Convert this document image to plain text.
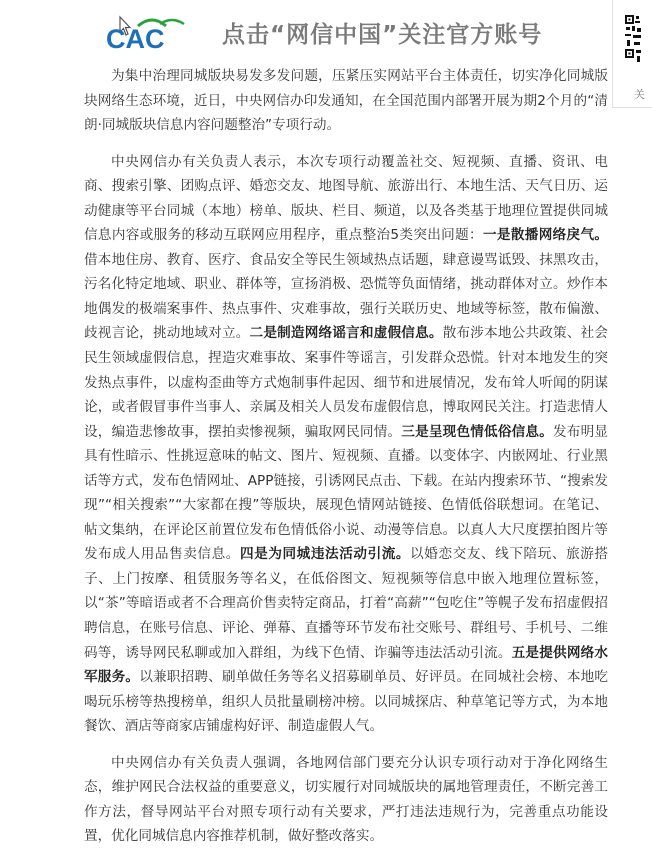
CAC	点击“网信中国”关注官方账号
关

为集中治理同城版块易发多发问题，压紧压实网站平台主体责任，切实净化同城版块网络生态环境，近日，中央网信办印发通知，在全国范围内部署开展为期2个月的“清朗·同城版块信息内容问题整治”专项行动。

中央网信办有关负责人表示，本次专项行动覆盖社交、短视频、直播、资讯、电商、搜索引擎、团购点评、婚恋交友、地图导航、旅游出行、本地生活、天气日历、运动健康等平台同城（本地）榜单、版块、栏目、频道，以及各类基于地理位置提供同城信息内容或服务的移动互联网应用程序，重点整治5类突出问题：一是散播网络戾气。借本地住房、教育、医疗、食品安全等民生领域热点话题，肆意谩骂诋毁、抹黑攻击，污名化特定地域、职业、群体等，宣扬消极、恐慌等负面情绪，挑动群体对立。炒作本地偶发的极端案事件、热点事件、灾难事故，强行关联历史、地域等标签，散布偏激、歧视言论，挑动地域对立。二是制造网络谣言和虚假信息。散布涉本地公共政策、社会民生领域虚假信息，捏造灾难事故、案事件等谣言，引发群众恐慌。针对本地发生的突发热点事件，以虚构歪曲等方式炮制事件起因、细节和进展情况，发布耸人听闻的阴谋论，或者假冒事件当事人、亲属及相关人员发布虚假信息，博取网民关注。打造悲情人设，编造悲惨故事，摆拍卖惨视频，骗取网民同情。三是呈现色情低俗信息。发布明显具有性暗示、性挑逗意味的帖文、图片、短视频、直播。以变体字、内嵌网址、行业黑话等方式，发布色情网址、APP链接，引诱网民点击、下载。在站内搜索环节、“搜索发现”“相关搜索”“大家都在搜”等版块，展现色情网站链接、色情低俗联想词。在笔记、帖文集纳，在评论区前置位发布色情低俗小说、动漫等信息。以真人大尺度摆拍图片等发布成人用品售卖信息。四是为同城违法活动引流。以婚恋交友、线下陪玩、旅游搭子、上门按摩、租赁服务等名义，在低俗图文、短视频等信息中嵌入地理位置标签，以“茶”等暗语或者不合理高价售卖特定商品，打着“高薪”“包吃住”等幌子发布招虚假招聘信息，在账号信息、评论、弹幕、直播等环节发布社交账号、群组号、手机号、二维码等，诱导网民私聊或加入群组，为线下色情、诈骗等违法活动引流。五是提供网络水军服务。以兼职招聘、刷单做任务等名义招募刷单员、好评员。在同城社会榜、本地吃喝玩乐榜等热搜榜单，组织人员批量刷榜冲榜。以同城探店、种草笔记等方式，为本地餐饮、酒店等商家店铺虚构好评、制造虚假人气。

中央网信办有关负责人强调，各地网信部门要充分认识专项行动对于净化网络生态，维护网民合法权益的重要意义，切实履行对同城版块的属地管理责任，不断完善工作方法，督导网站平台对照专项行动有关要求，严打违法违规行为，完善重点功能设置，优化同城信息内容推荐机制，做好整改落实。
